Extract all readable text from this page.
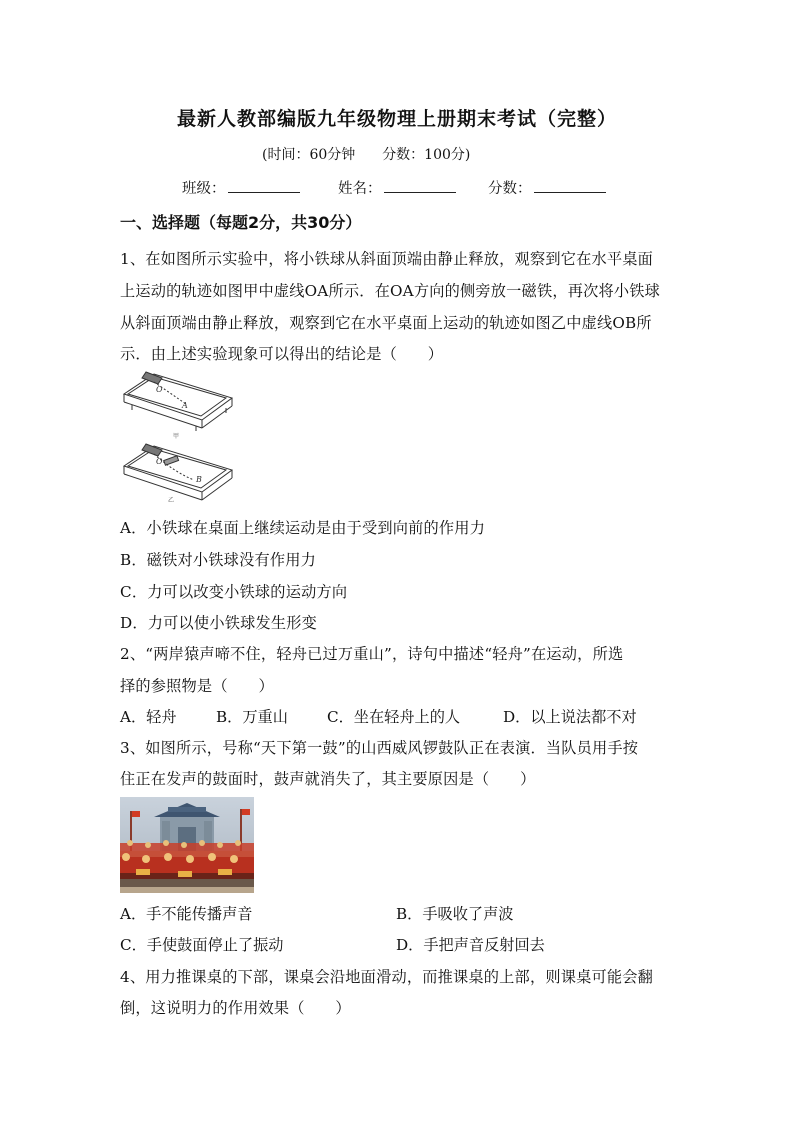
最新人教部编版九年级物理上册期末考试（完整）
(时间：60分钟 分数：100分)
班级：	姓名：	分数：
一、选择题（每题2分，共30分）
1、在如图所示实验中，将小铁球从斜面顶端由静止释放，观察到它在水平桌面
上运动的轨迹如图甲中虚线OA所示．在OA方向的侧旁放一磁铁，再次将小铁球
从斜面顶端由静止释放，观察到它在水平桌面上运动的轨迹如图乙中虚线OB所
示．由上述实验现象可以得出的结论是（　　）
O
A
甲
O
B
乙
A．小铁球在桌面上继续运动是由于受到向前的作用力
B．磁铁对小铁球没有作用力
C．力可以改变小铁球的运动方向
D．力可以使小铁球发生形变
2、“两岸猿声啼不住，轻舟已过万重山”，诗句中描述“轻舟”在运动，所选
择的参照物是（　　）
A．轻舟	B．万重山	C．坐在轻舟上的人	D．以上说法都不对
3、如图所示，号称“天下第一鼓”的山西威风锣鼓队正在表演．当队员用手按
住正在发声的鼓面时，鼓声就消失了，其主要原因是（　　）
A．手不能传播声音	B．手吸收了声波
C．手使鼓面停止了振动	D．手把声音反射回去
4、用力推课桌的下部，课桌会沿地面滑动，而推课桌的上部，则课桌可能会翻
倒，这说明力的作用效果（　　）
